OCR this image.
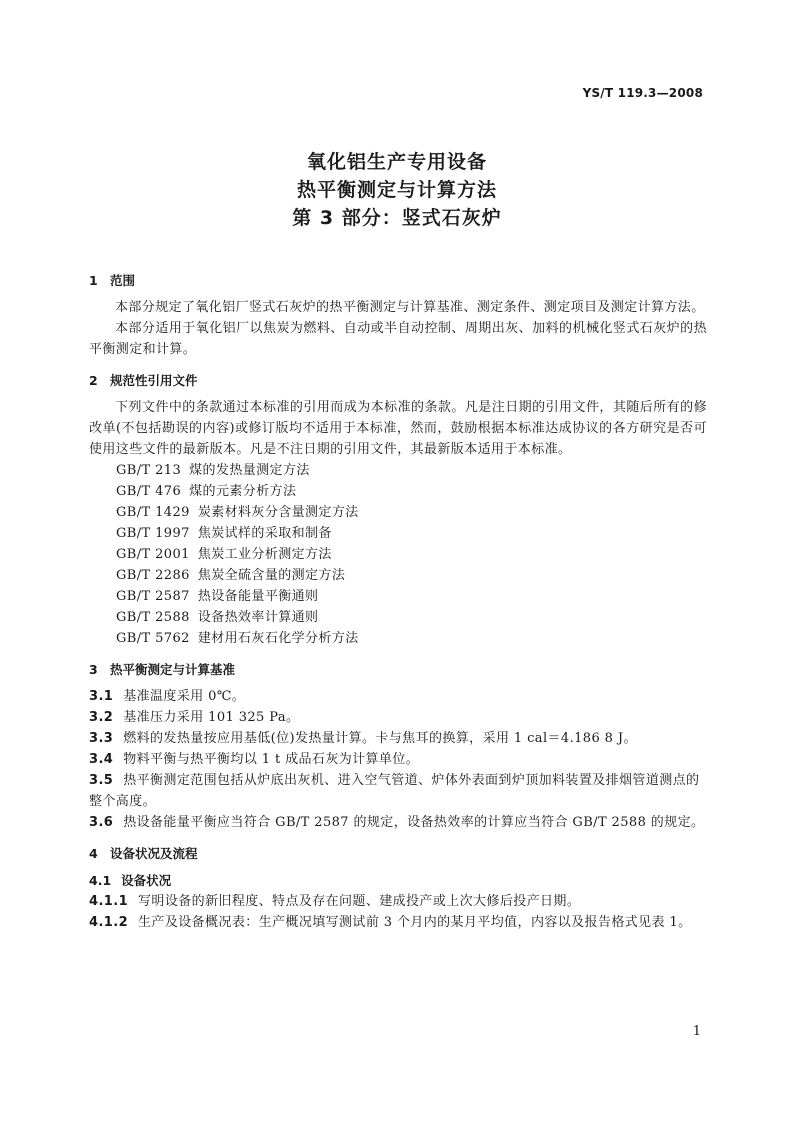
YS/T 119.3—2008
氧化铝生产专用设备
热平衡测定与计算方法
第 3 部分：竖式石灰炉
1 范围
本部分规定了氧化铝厂竖式石灰炉的热平衡测定与计算基准、测定条件、测定项目及测定计算方法。
本部分适用于氧化铝厂以焦炭为燃料、自动或半自动控制、周期出灰、加料的机械化竖式石灰炉的热平衡测定和计算。
2 规范性引用文件
下列文件中的条款通过本标准的引用而成为本标准的条款。凡是注日期的引用文件，其随后所有的修改单(不包括勘误的内容)或修订版均不适用于本标准，然而，鼓励根据本标准达成协议的各方研究是否可使用这些文件的最新版本。凡是不注日期的引用文件，其最新版本适用于本标准。
GB/T 213 煤的发热量测定方法
GB/T 476 煤的元素分析方法
GB/T 1429 炭素材料灰分含量测定方法
GB/T 1997 焦炭试样的采取和制备
GB/T 2001 焦炭工业分析测定方法
GB/T 2286 焦炭全硫含量的测定方法
GB/T 2587 热设备能量平衡通则
GB/T 2588 设备热效率计算通则
GB/T 5762 建材用石灰石化学分析方法
3 热平衡测定与计算基准
3.1 基准温度采用 0℃。
3.2 基准压力采用 101 325 Pa。
3.3 燃料的发热量按应用基低(位)发热量计算。卡与焦耳的换算，采用 1 cal＝4.186 8 J。
3.4 物料平衡与热平衡均以 1 t 成品石灰为计算单位。
3.5 热平衡测定范围包括从炉底出灰机、进入空气管道、炉体外表面到炉顶加料装置及排烟管道测点的整个高度。
3.6 热设备能量平衡应当符合 GB/T 2587 的规定，设备热效率的计算应当符合 GB/T 2588 的规定。
4 设备状况及流程
4.1 设备状况
4.1.1 写明设备的新旧程度、特点及存在问题、建成投产或上次大修后投产日期。
4.1.2 生产及设备概况表：生产概况填写测试前 3 个月内的某月平均值，内容以及报告格式见表 1。
1
